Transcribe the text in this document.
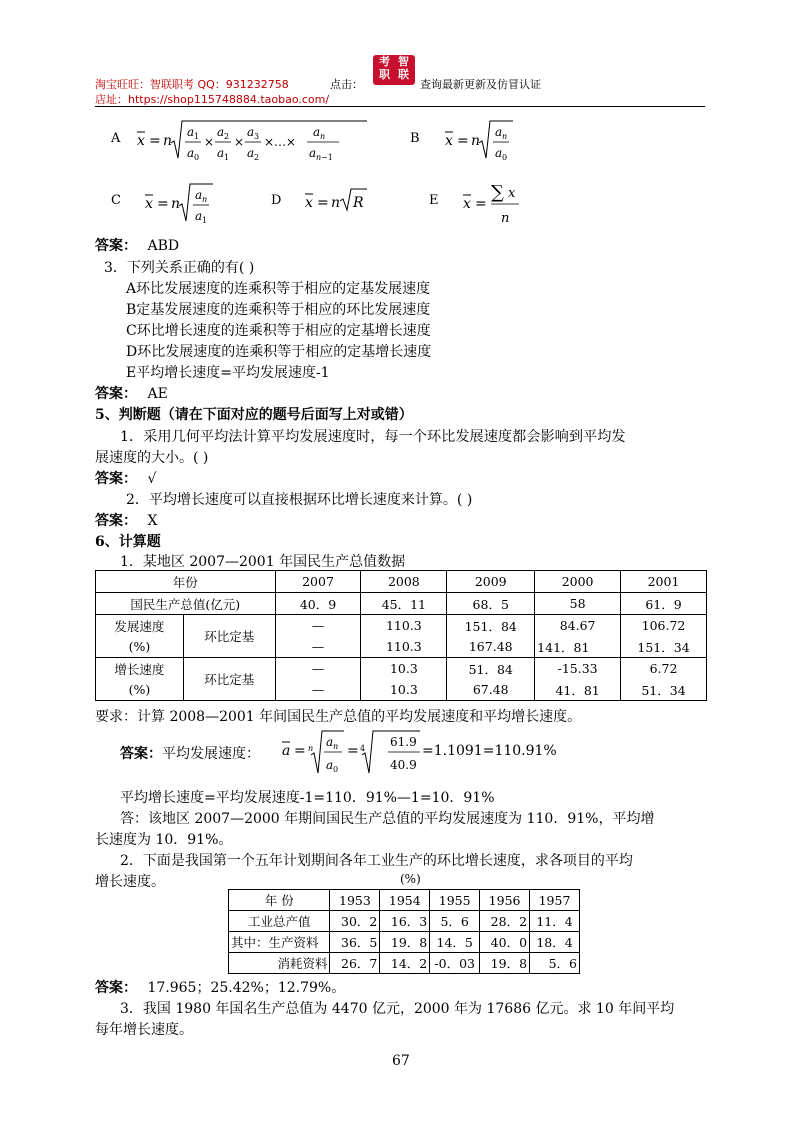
淘宝旺旺：智联职考 QQ：931232758	点击：
考 智
职 联
查询最新更新及仿冒认证
店址：https://shop115748884.taobao.com/
A x = n
a 1
a 0
×
a 2
a 1
×
a 3
a 2
×…×
a n
a n −1
B x = n
a n
a 0
C x = n
a n
a 1
D x = n R	E x =
∑ x
n
答案： ABD
3．下列关系正确的有( )
A环比发展速度的连乘积等于相应的定基发展速度
B定基发展速度的连乘积等于相应的环比发展速度
C环比增长速度的连乘积等于相应的定基增长速度
D环比发展速度的连乘积等于相应的定基增长速度
E平均增长速度=平均发展速度-1
答案： AE
5、判断题（请在下面对应的题号后面写上对或错）
1．采用几何平均法计算平均发展速度时，每一个环比发展速度都会影响到平均发
展速度的大小。( )
答案： √
2．平均增长速度可以直接根据环比增长速度来计算。( )
答案： X
6、计算题
1．某地区 2007—2001 年国民生产总值数据
年份		2007	2008	2009	2000	2001
国民生产总值(亿元)		40．9	45．11	68．5	58	61．9
发展速度	环比定基	—	110.3	151．84	84.67	106.72
(%)		—	110.3	167.48	141．81	151．34
增长速度	环比定基	—	10.3	51．84	-15.33	6.72
(%)		—	10.3	67.48	41．81	51．34
要求：计算 2008—2001 年间国民生产总值的平均发展速度和平均增长速度。
答案：平均发展速度： a = n a n
a 0
= 4 61.9
40.9
=1.1091=110.91%
平均增长速度=平均发展速度-1=110．91%—1=10．91%
答：该地区 2007—2000 年期间国民生产总值的平均发展速度为 110．91%，平均增
长速度为 10．91%。
2．下面是我国第一个五年计划期间各年工业生产的环比增长速度，求各项目的平均
增长速度。	(%)
年 份	1953	1954	1955	1956	1957
工业总产值	30．2	16．3	5．6	28．2	11．4
其中：生产资料	36．5	19．8	14．5	40．0	18．4
消耗资料	26．7	14．2	-0．03	19．8	5．6
答案： 17.965；25.42%；12.79%。
3．我国 1980 年国名生产总值为 4470 亿元，2000 年为 17686 亿元。求 10 年间平均
每年增长速度。
67
